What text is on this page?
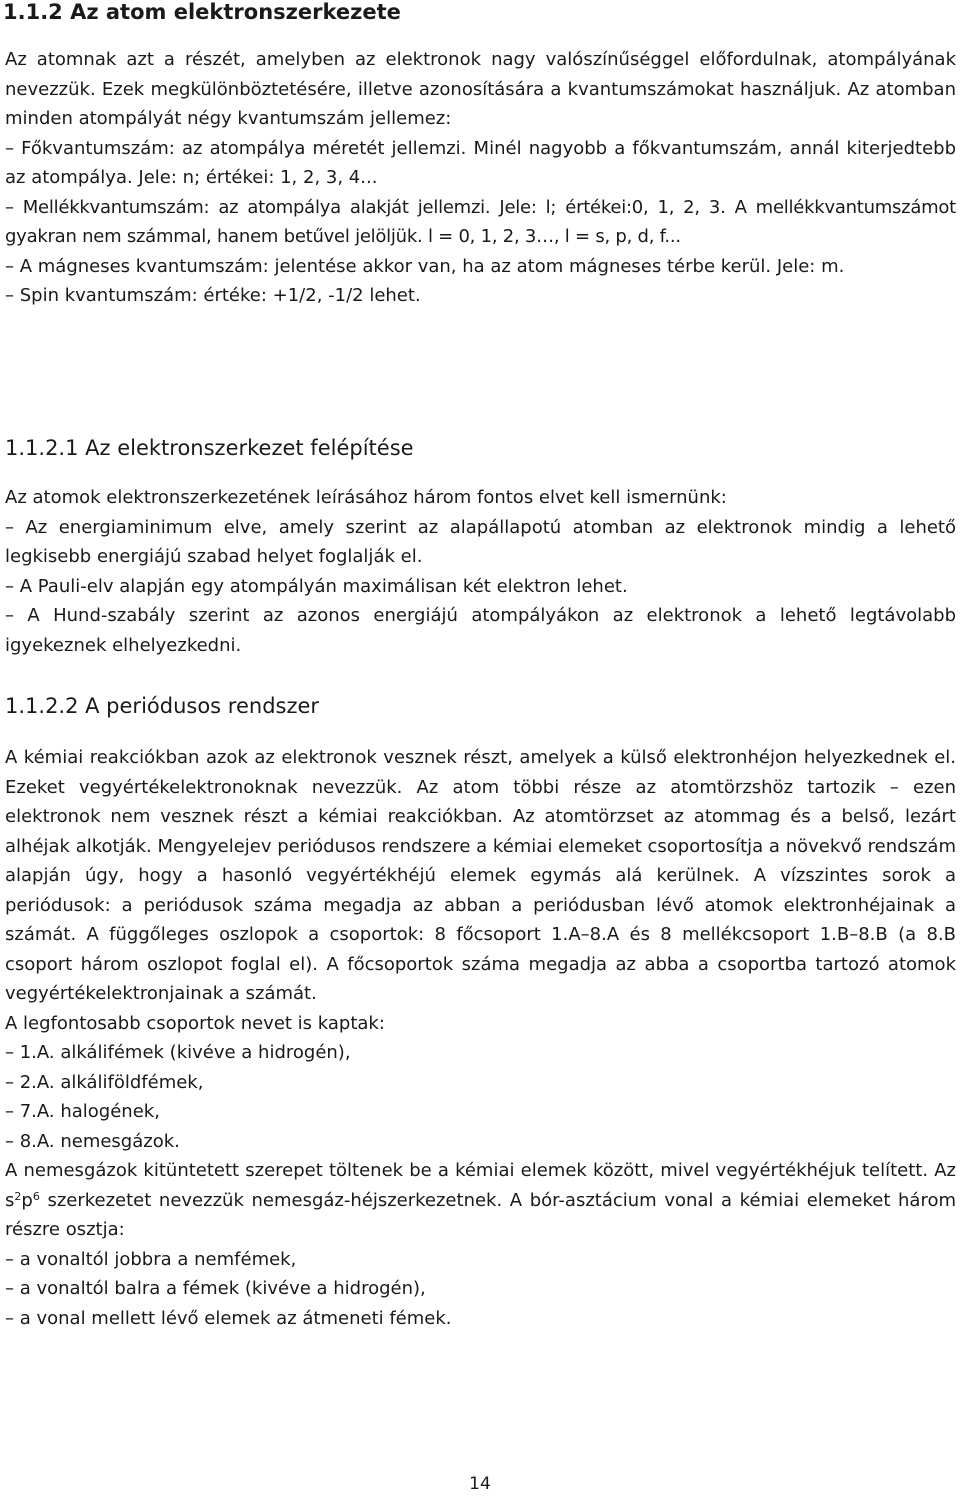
1.1.2 Az atom elektronszerkezete

Az atomnak azt a részét, amelyben az elektronok nagy valószínűséggel előfordulnak, atompályának nevezzük. Ezek megkülönböztetésére, illetve azonosítására a kvantumszámokat használjuk. Az atomban minden atompályát négy kvantumszám jellemez:

– Főkvantumszám: az atompálya méretét jellemzi. Minél nagyobb a főkvantumszám, annál kiterjedtebb az atompálya. Jele: n; értékei: 1, 2, 3, 4...

– Mellékkvantumszám: az atompálya alakját jellemzi. Jele: l; értékei:0, 1, 2, 3. A mellékkvantumszámot gyakran nem számmal, hanem betűvel jelöljük. l = 0, 1, 2, 3…, l = s, p, d, f...

– A mágneses kvantumszám: jelentése akkor van, ha az atom mágneses térbe kerül. Jele: m.

– Spin kvantumszám: értéke: +1/2, -1/2 lehet.

1.1.2.1 Az elektronszerkezet felépítése

Az atomok elektronszerkezetének leírásához három fontos elvet kell ismernünk:

– Az energiaminimum elve, amely szerint az alapállapotú atomban az elektronok mindig a lehető legkisebb energiájú szabad helyet foglalják el.

– A Pauli-elv alapján egy atompályán maximálisan két elektron lehet.

– A Hund-szabály szerint az azonos energiájú atompályákon az elektronok a lehető legtávolabb igyekeznek elhelyezkedni.

1.1.2.2 A periódusos rendszer

A kémiai reakciókban azok az elektronok vesznek részt, amelyek a külső elektronhéjon helyezkednek el. Ezeket vegyértékelektronoknak nevezzük. Az atom többi része az atomtörzshöz tartozik – ezen elektronok nem vesznek részt a kémiai reakciókban. Az atomtörzset az atommag és a belső, lezárt alhéjak alkotják. Mengyelejev periódusos rendszere a kémiai elemeket csoportosítja a növekvő rendszám alapján úgy, hogy a hasonló vegyértékhéjú elemek egymás alá kerülnek. A vízszintes sorok a periódusok: a periódusok száma megadja az abban a periódusban lévő atomok elektronhéjainak a számát. A függőleges oszlopok a csoportok: 8 főcsoport 1.A–8.A és 8 mellékcsoport 1.B–8.B (a 8.B csoport három oszlopot foglal el). A főcsoportok száma megadja az abba a csoportba tartozó atomok vegyértékelektronjainak a számát.

A legfontosabb csoportok nevet is kaptak:

– 1.A. alkálifémek (kivéve a hidrogén),

– 2.A. alkáliföldfémek,

– 7.A. halogének,

– 8.A. nemesgázok.

A nemesgázok kitüntetett szerepet töltenek be a kémiai elemek között, mivel vegyértékhéjuk telített. Az $s^2p^6$ szerkezetet nevezzük nemesgáz-héjszerkezetnek. A bór-asztácium vonal a kémiai elemeket három részre osztja:

– a vonaltól jobbra a nemfémek,

– a vonaltól balra a fémek (kivéve a hidrogén),

– a vonal mellett lévő elemek az átmeneti fémek.

14
